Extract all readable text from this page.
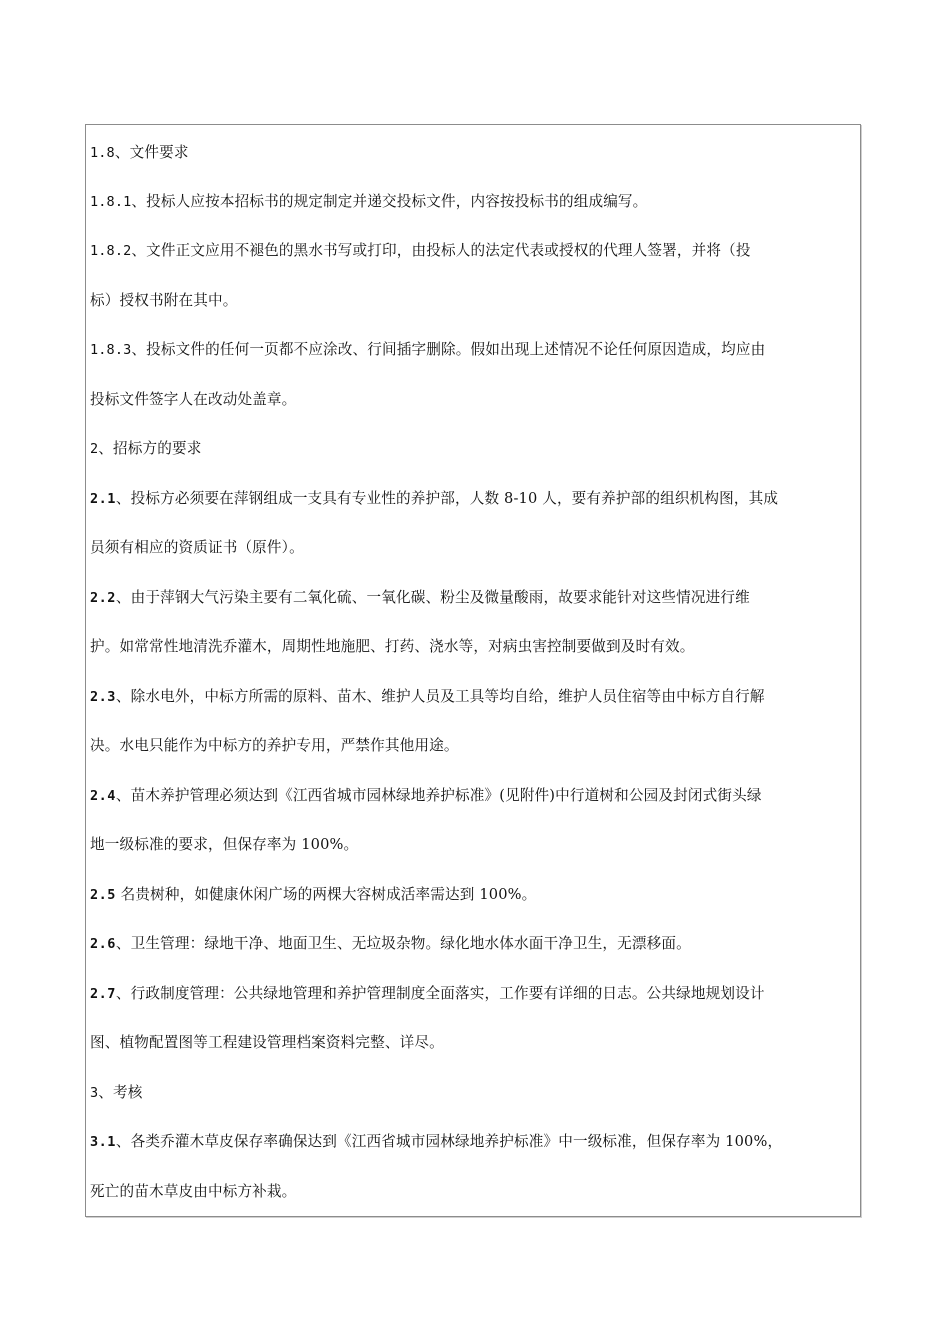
1.8、文件要求
1.8.1、投标人应按本招标书的规定制定并递交投标文件，内容按投标书的组成编写。
1.8.2、文件正文应用不褪色的黑水书写或打印，由投标人的法定代表或授权的代理人签署，并将（投
标）授权书附在其中。
1.8.3、投标文件的任何一页都不应涂改、行间插字删除。假如出现上述情况不论任何原因造成，均应由
投标文件签字人在改动处盖章。
2、招标方的要求
2.1、投标方必须要在萍钢组成一支具有专业性的养护部，人数 8-10 人，要有养护部的组织机构图，其成
员须有相应的资质证书（原件）。
2.2、由于萍钢大气污染主要有二氧化硫、一氧化碳、粉尘及微量酸雨，故要求能针对这些情况进行维
护。如常常性地清洗乔灌木，周期性地施肥、打药、浇水等，对病虫害控制要做到及时有效。
2.3、除水电外，中标方所需的原料、苗木、维护人员及工具等均自给，维护人员住宿等由中标方自行解
决。水电只能作为中标方的养护专用，严禁作其他用途。
2.4、苗木养护管理必须达到《江西省城市园林绿地养护标准》(见附件)中行道树和公园及封闭式街头绿
地一级标准的要求，但保存率为 100%。
2.5 名贵树种，如健康休闲广场的两棵大容树成活率需达到 100%。
2.6、卫生管理：绿地干净、地面卫生、无垃圾杂物。绿化地水体水面干净卫生，无漂移面。
2.7、行政制度管理：公共绿地管理和养护管理制度全面落实，工作要有详细的日志。公共绿地规划设计
图、植物配置图等工程建设管理档案资料完整、详尽。
3、考核
3.1、各类乔灌木草皮保存率确保达到《江西省城市园林绿地养护标准》中一级标准，但保存率为 100%，
死亡的苗木草皮由中标方补栽。
